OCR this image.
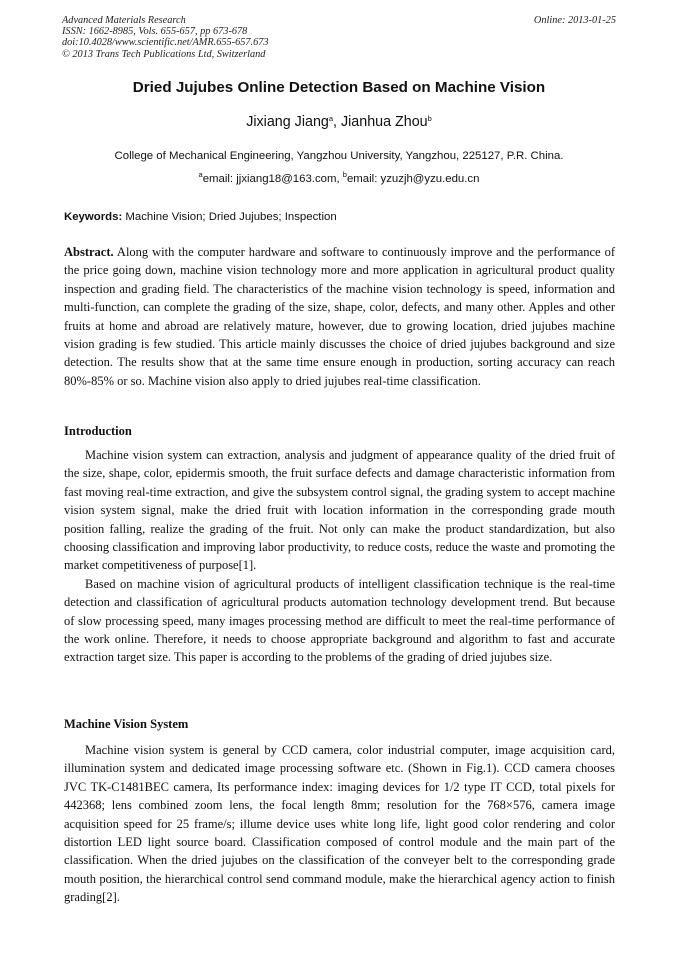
Advanced Materials Research
ISSN: 1662-8985, Vols. 655-657, pp 673-678
doi:10.4028/www.scientific.net/AMR.655-657.673
© 2013 Trans Tech Publications Ltd, Switzerland
Online: 2013-01-25
Dried Jujubes Online Detection Based on Machine Vision
Jixiang Jiang$^a$, Jianhua Zhou$^b$
College of Mechanical Engineering, Yangzhou University, Yangzhou, 225127, P.R. China.
$^a$email: jjxiang18@163.com, $^b$email: yzuzjh@yzu.edu.cn
Keywords: Machine Vision; Dried Jujubes; Inspection

Abstract. Along with the computer hardware and software to continuously improve and the performance of the price going down, machine vision technology more and more application in agricultural product quality inspection and grading field. The characteristics of the machine vision technology is speed, information and multi-function, can complete the grading of the size, shape, color, defects, and many other. Apples and other fruits at home and abroad are relatively mature, however, due to growing location, dried jujubes machine vision grading is few studied. This article mainly discusses the choice of dried jujubes background and size detection. The results show that at the same time ensure enough in production, sorting accuracy can reach 80%-85% or so. Machine vision also apply to dried jujubes real-time classification.

Introduction

Machine vision system can extraction, analysis and judgment of appearance quality of the dried fruit of the size, shape, color, epidermis smooth, the fruit surface defects and damage characteristic information from fast moving real-time extraction, and give the subsystem control signal, the grading system to accept machine vision system signal, make the dried fruit with location information in the corresponding grade mouth position falling, realize the grading of the fruit. Not only can make the product standardization, but also choosing classification and improving labor productivity, to reduce costs, reduce the waste and promoting the market competitiveness of purpose[1].

Based on machine vision of agricultural products of intelligent classification technique is the real-time detection and classification of agricultural products automation technology development trend. But because of slow processing speed, many images processing method are difficult to meet the real-time performance of the work online. Therefore, it needs to choose appropriate background and algorithm to fast and accurate extraction target size. This paper is according to the problems of the grading of dried jujubes size.

Machine Vision System

Machine vision system is general by CCD camera, color industrial computer, image acquisition card, illumination system and dedicated image processing software etc. (Shown in Fig.1). CCD camera chooses JVC TK-C1481BEC camera, Its performance index: imaging devices for 1/2 type IT CCD, total pixels for 442368; lens combined zoom lens, the focal length 8mm; resolution for the 768×576, camera image acquisition speed for 25 frame/s; illume device uses white long life, light good color rendering and color distortion LED light source board. Classification composed of control module and the main part of the classification. When the dried jujubes on the classification of the conveyer belt to the corresponding grade mouth position, the hierarchical control send command module, make the hierarchical agency action to finish grading[2].
